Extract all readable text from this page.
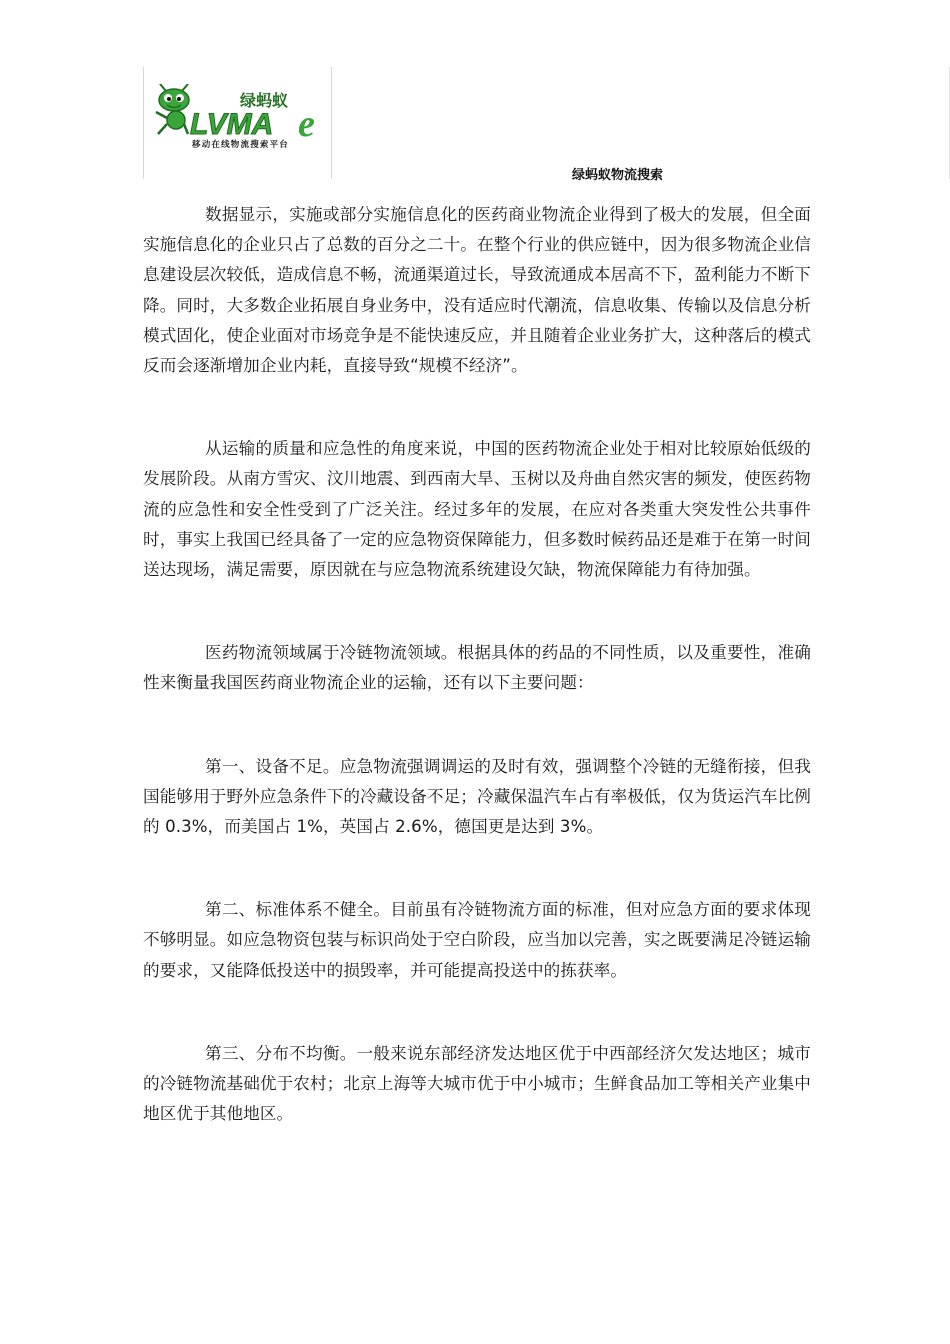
LVMA e
绿蚂蚁
移动在线物流搜索平台
绿蚂蚁物流搜索

数据显示，实施或部分实施信息化的医药商业物流企业得到了极大的发展，但全面实施信息化的企业只占了总数的百分之二十。在整个行业的供应链中，因为很多物流企业信息建设层次较低，造成信息不畅，流通渠道过长，导致流通成本居高不下，盈利能力不断下降。同时，大多数企业拓展自身业务中，没有适应时代潮流，信息收集、传输以及信息分析模式固化，使企业面对市场竞争是不能快速反应，并且随着企业业务扩大，这种落后的模式反而会逐渐增加企业内耗，直接导致“规模不经济”。

从运输的质量和应急性的角度来说，中国的医药物流企业处于相对比较原始低级的发展阶段。从南方雪灾、汶川地震、到西南大旱、玉树以及舟曲自然灾害的频发，使医药物流的应急性和安全性受到了广泛关注。经过多年的发展，在应对各类重大突发性公共事件时，事实上我国已经具备了一定的应急物资保障能力，但多数时候药品还是难于在第一时间送达现场，满足需要，原因就在与应急物流系统建设欠缺，物流保障能力有待加强。

医药物流领域属于冷链物流领域。根据具体的药品的不同性质，以及重要性，准确性来衡量我国医药商业物流企业的运输，还有以下主要问题：

第一、设备不足。应急物流强调调运的及时有效，强调整个冷链的无缝衔接，但我国能够用于野外应急条件下的冷藏设备不足；冷藏保温汽车占有率极低，仅为货运汽车比例的 0.3%，而美国占 1%，英国占 2.6%，德国更是达到 3%。

第二、标准体系不健全。目前虽有冷链物流方面的标准，但对应急方面的要求体现不够明显。如应急物资包装与标识尚处于空白阶段，应当加以完善，实之既要满足冷链运输的要求，又能降低投送中的损毁率，并可能提高投送中的拣获率。

第三、分布不均衡。一般来说东部经济发达地区优于中西部经济欠发达地区；城市的冷链物流基础优于农村；北京上海等大城市优于中小城市；生鲜食品加工等相关产业集中地区优于其他地区。
